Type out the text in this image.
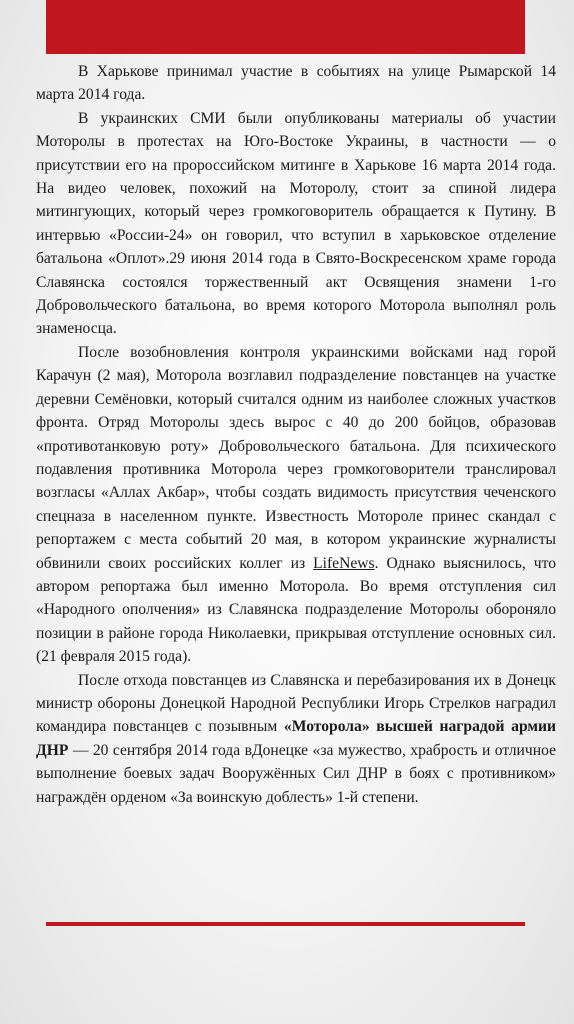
В Харькове принимал участие в событиях на улице Рымарской 14 марта 2014 года.

В украинских СМИ были опубликованы материалы об участии Моторолы в протестах на Юго-Востоке Украины, в частности — о присутствии его на пророссийском митинге в Харькове 16 марта 2014 года. На видео человек, похожий на Моторолу, стоит за спиной лидера митингующих, который через громкоговоритель обращается к Путину. В интервью «России-24» он говорил, что вступил в харьковское отделение батальона «Оплот».29 июня 2014 года в Свято-Воскресенском храме города Славянска состоялся торжественный акт Освящения знамени 1-го Добровольческого батальона, во время которого Моторола выполнял роль знаменосца.

После возобновления контроля украинскими войсками над горой Карачун (2 мая), Моторола возглавил подразделение повстанцев на участке деревни Семёновки, который считался одним из наиболее сложных участков фронта. Отряд Моторолы здесь вырос с 40 до 200 бойцов, образовав «противотанковую роту» Добровольческого батальона. Для психического подавления противника Моторола через громкоговорители транслировал возгласы «Аллах Акбар», чтобы создать видимость присутствия чеченского спецназа в населенном пункте. Известность Мотороле принес скандал с репортажем с места событий 20 мая, в котором украинские журналисты обвинили своих российских коллег из LifeNews. Однако выяснилось, что автором репортажа был именно Моторола. Во время отступления сил «Народного ополчения» из Славянска подразделение Моторолы обороняло позиции в районе города Николаевки, прикрывая отступление основных сил. (21 февраля 2015 года).

После отхода повстанцев из Славянска и перебазирования их в Донецк министр обороны Донецкой Народной Республики Игорь Стрелков наградил командира повстанцев с позывным «Моторола» высшей наградой армии ДНР — 20 сентября 2014 года вДонецке «за мужество, храбрость и отличное выполнение боевых задач Вооружённых Сил ДНР в боях с противником» награждён орденом «За воинскую доблесть» 1-й степени.
